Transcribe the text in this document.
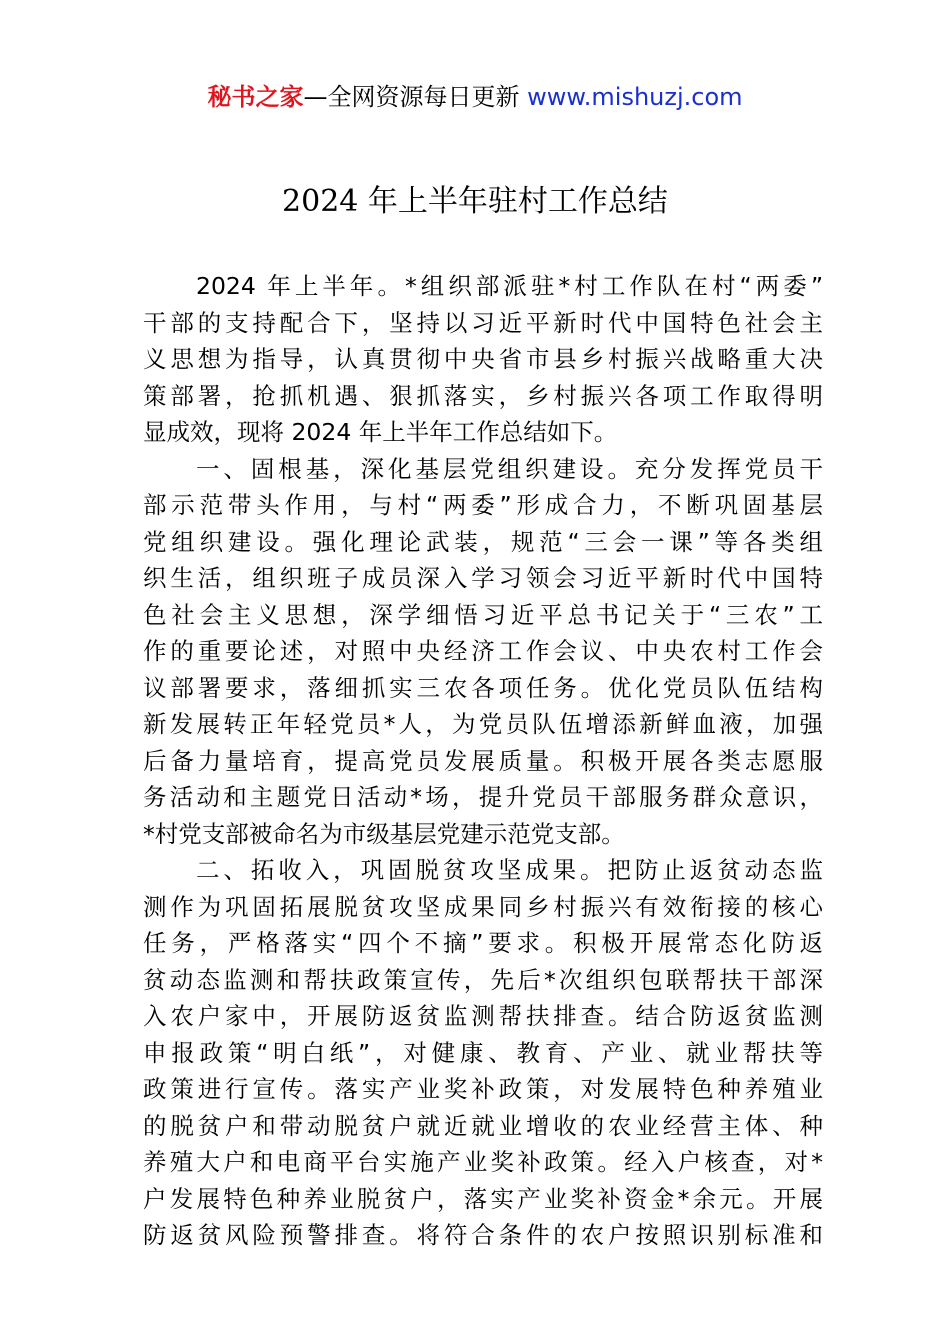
秘书之家—全网资源每日更新 www.mishuzj.com
2024 年上半年驻村工作总结

2024 年上半年。*组织部派驻*村工作队在村“两委”
干部的支持配合下，坚持以习近平新时代中国特色社会主
义思想为指导，认真贯彻中央省市县乡村振兴战略重大决
策部署，抢抓机遇、狠抓落实，乡村振兴各项工作取得明
显成效，现将 2024 年上半年工作总结如下。

一、固根基，深化基层党组织建设。充分发挥党员干
部示范带头作用，与村“两委”形成合力，不断巩固基层
党组织建设。强化理论武装，规范“三会一课”等各类组
织生活，组织班子成员深入学习领会习近平新时代中国特
色社会主义思想，深学细悟习近平总书记关于“三农”工
作的重要论述，对照中央经济工作会议、中央农村工作会
议部署要求，落细抓实三农各项任务。优化党员队伍结构
新发展转正年轻党员*人，为党员队伍增添新鲜血液，加强
后备力量培育，提高党员发展质量。积极开展各类志愿服
务活动和主题党日活动*场，提升党员干部服务群众意识，
*村党支部被命名为市级基层党建示范党支部。

二、拓收入，巩固脱贫攻坚成果。把防止返贫动态监
测作为巩固拓展脱贫攻坚成果同乡村振兴有效衔接的核心
任务，严格落实“四个不摘”要求。积极开展常态化防返
贫动态监测和帮扶政策宣传，先后*次组织包联帮扶干部深
入农户家中，开展防返贫监测帮扶排查。结合防返贫监测
申报政策“明白纸”，对健康、教育、产业、就业帮扶等
政策进行宣传。落实产业奖补政策，对发展特色种养殖业
的脱贫户和带动脱贫户就近就业增收的农业经营主体、种
养殖大户和电商平台实施产业奖补政策。经入户核查，对*
户发展特色种养业脱贫户，落实产业奖补资金*余元。开展
防返贫风险预警排查。将符合条件的农户按照识别标准和
